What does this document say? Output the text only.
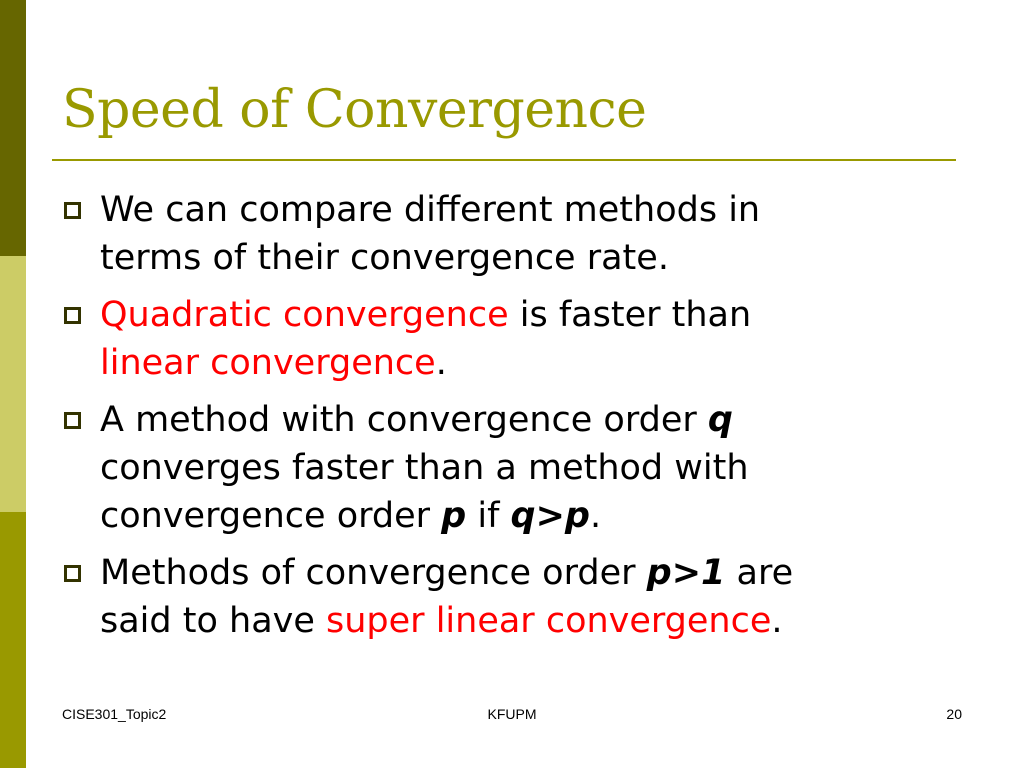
Speed of Convergence
We can compare different methods in
terms of their convergence rate.
Quadratic convergence is faster than
linear convergence.
A method with convergence order q
converges faster than a method with
convergence order p if q>p.
Methods of convergence order p>1 are
said to have super linear convergence.
CISE301_Topic2	KFUPM	20
